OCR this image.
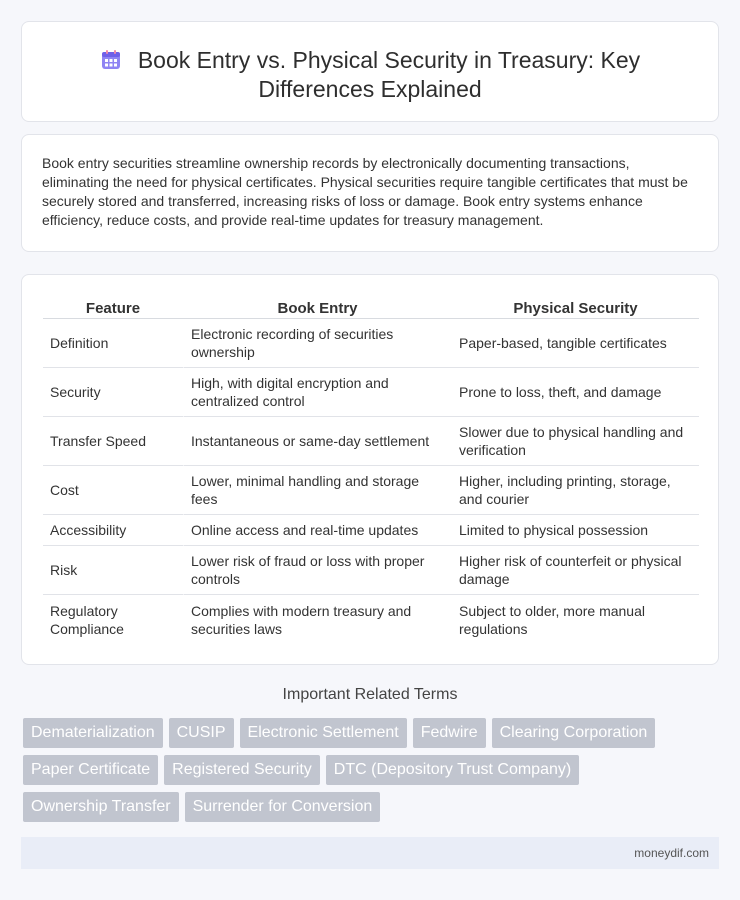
Book Entry vs. Physical Security in Treasury: Key Differences Explained

Book entry securities streamline ownership records by electronically documenting transactions, eliminating the need for physical certificates. Physical securities require tangible certificates that must be securely stored and transferred, increasing risks of loss or damage. Book entry systems enhance efficiency, reduce costs, and provide real-time updates for treasury management.

Feature	Book Entry	Physical Security
Definition	Electronic recording of securities ownership	Paper-based, tangible certificates
Security	High, with digital encryption and centralized control	Prone to loss, theft, and damage
Transfer Speed	Instantaneous or same-day settlement	Slower due to physical handling and verification
Cost	Lower, minimal handling and storage fees	Higher, including printing, storage, and courier
Accessibility	Online access and real-time updates	Limited to physical possession
Risk	Lower risk of fraud or loss with proper controls	Higher risk of counterfeit or physical damage
Regulatory Compliance	Complies with modern treasury and securities laws	Subject to older, more manual regulations
Important Related Terms
Dematerialization CUSIP Electronic Settlement Fedwire Clearing Corporation
Paper Certificate Registered Security DTC (Depository Trust Company)
Ownership Transfer Surrender for Conversion
moneydif.com
